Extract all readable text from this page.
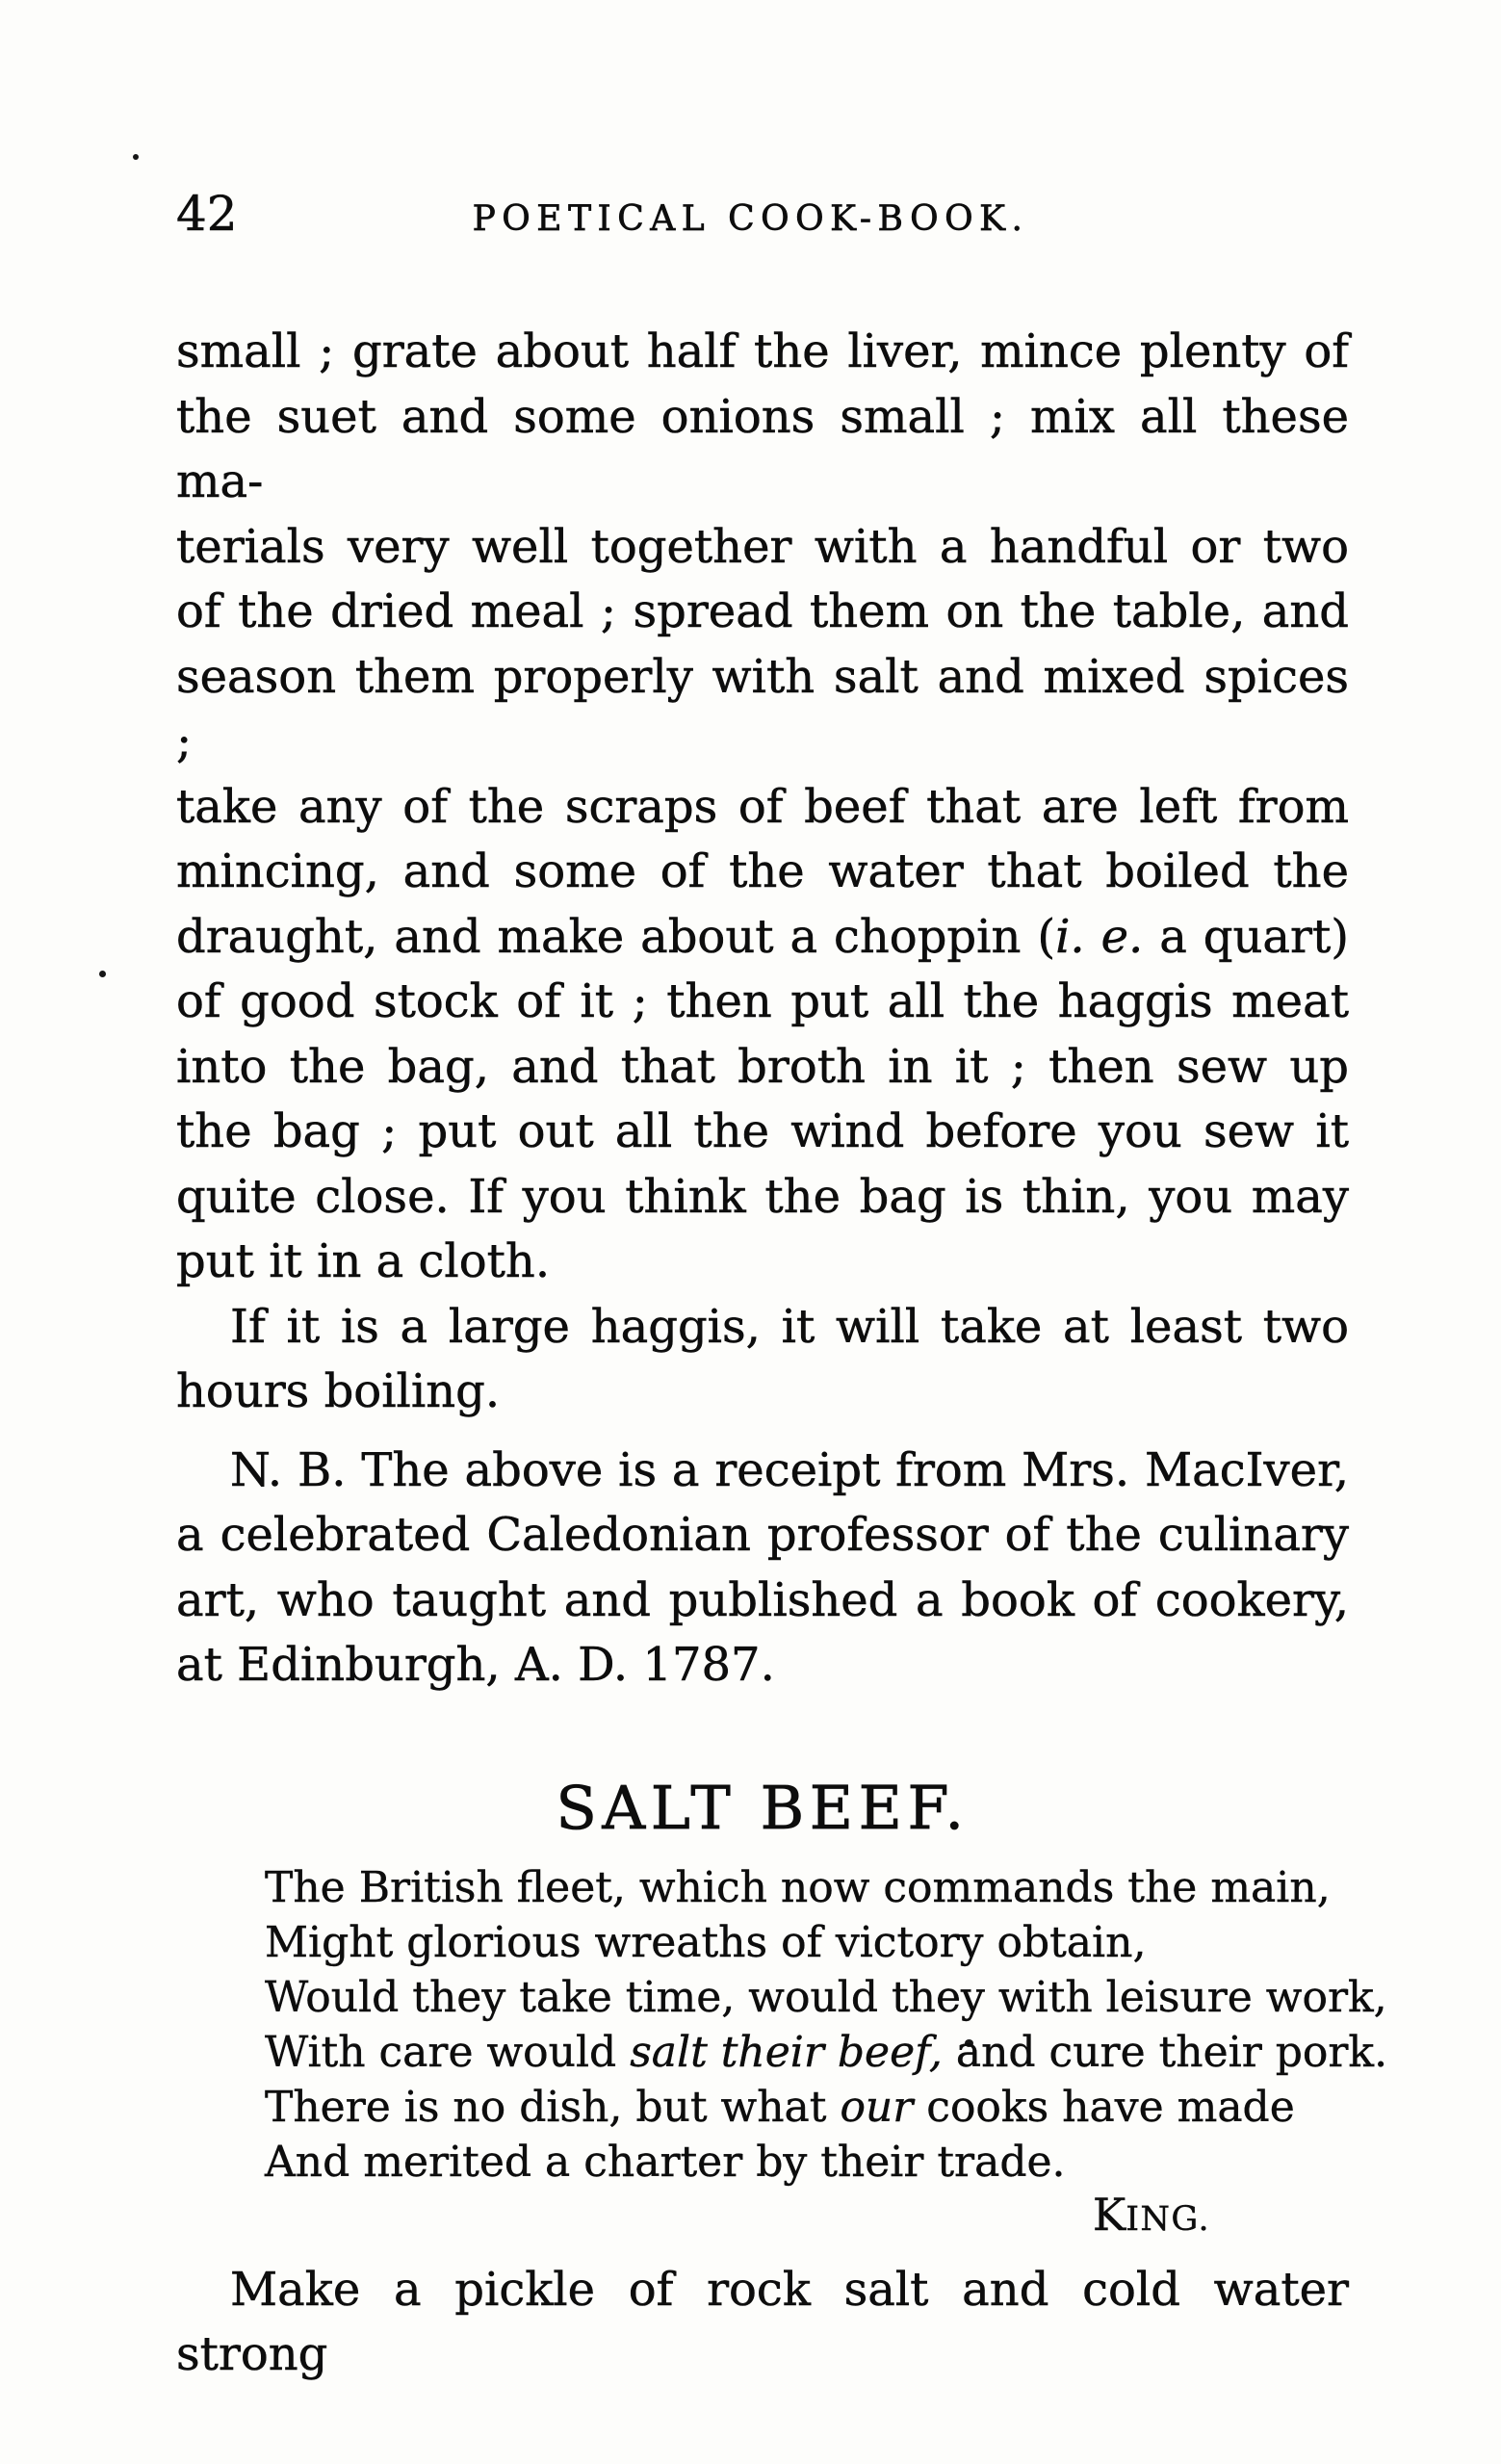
42	POETICAL COOK-BOOK.
small ; grate about half the liver, mince plenty of
the suet and some onions small ; mix all these ma-
terials very well together with a handful or two
of the dried meal ; spread them on the table, and
season them properly with salt and mixed spices ;
take any of the scraps of beef that are left from
mincing, and some of the water that boiled the
draught, and make about a choppin (i. e. a quart)
of good stock of it ; then put all the haggis meat
into the bag, and that broth in it ; then sew up
the bag ; put out all the wind before you sew it
quite close. If you think the bag is thin, you may
put it in a cloth.
If it is a large haggis, it will take at least two
hours boiling.
N. B. The above is a receipt from Mrs. MacIver,
a celebrated Caledonian professor of the culinary
art, who taught and published a book of cookery,
at Edinburgh, A. D. 1787.
SALT BEEF.
The British fleet, which now commands the main,
Might glorious wreaths of victory obtain,
Would they take time, would they with leisure work,
With care would salt their beef, and cure their pork.
There is no dish, but what our cooks have made
And merited a charter by their trade.
KING.
Make a pickle of rock salt and cold water strong
